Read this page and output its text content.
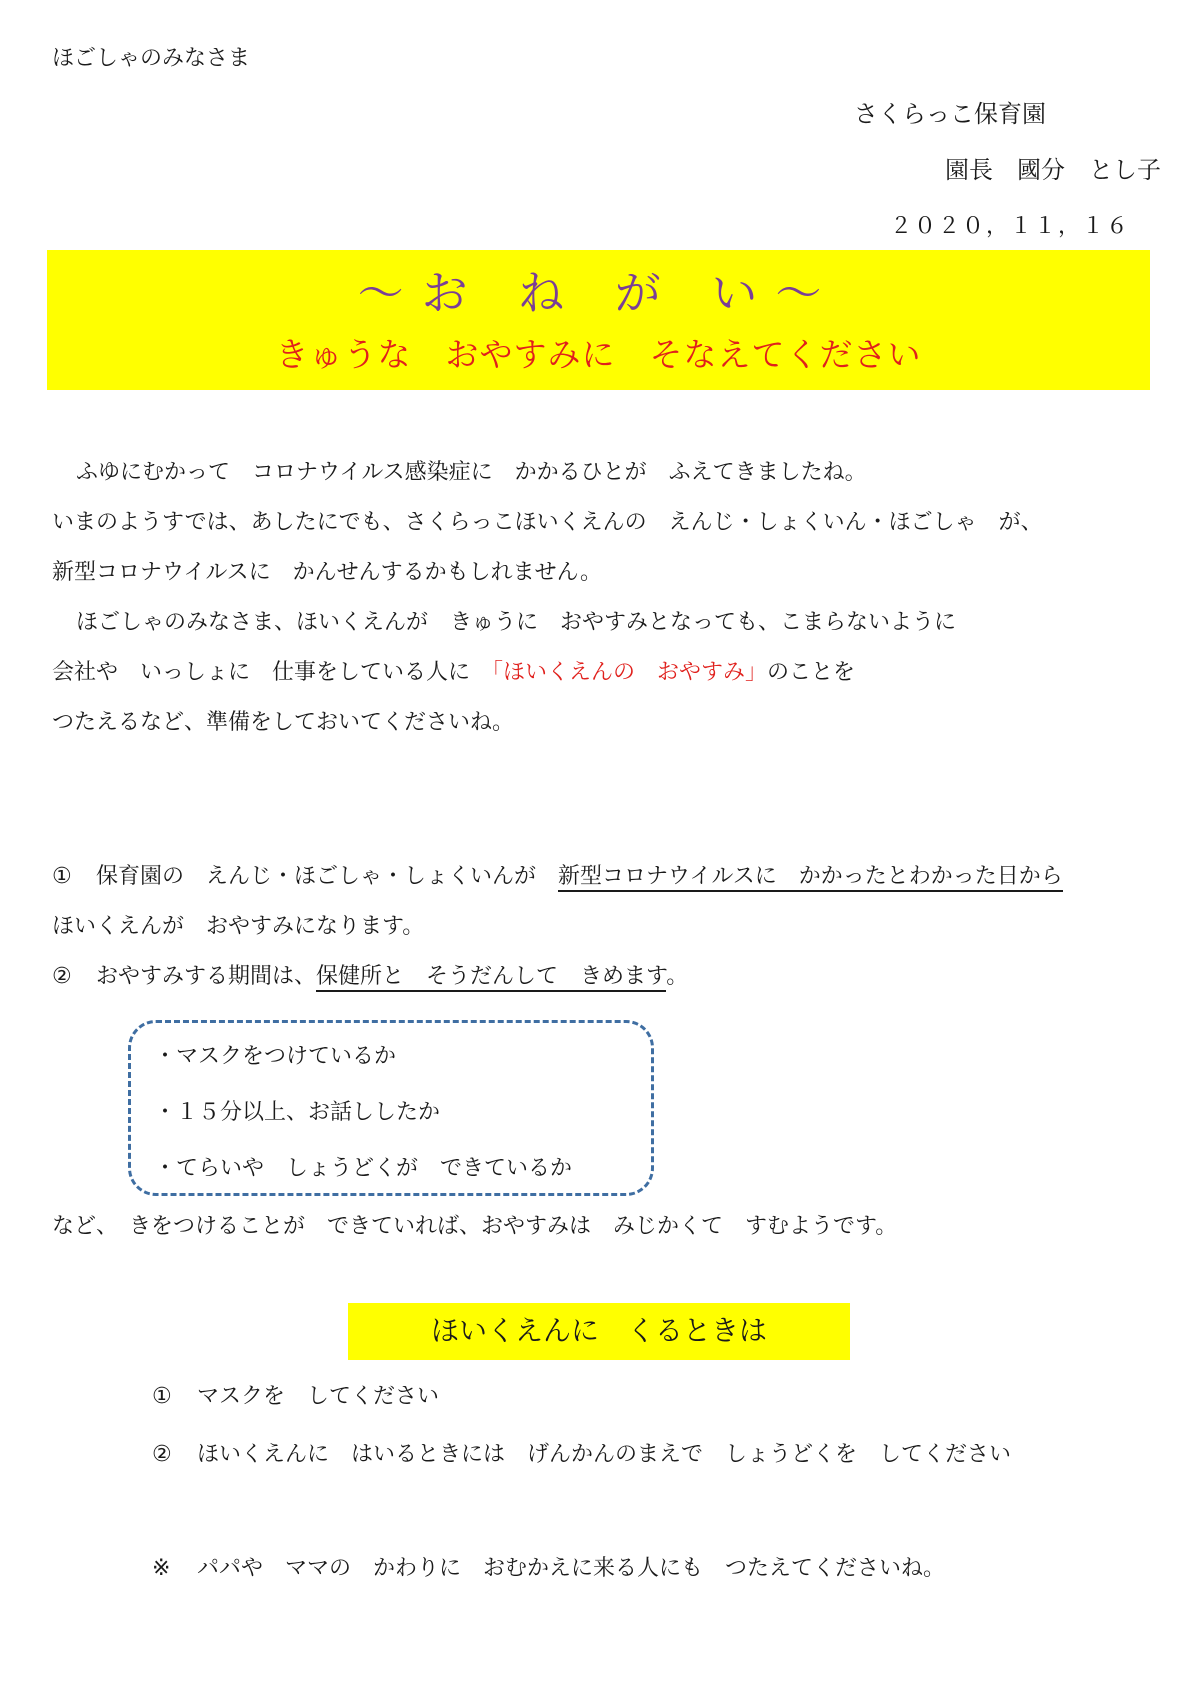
ほごしゃのみなさま
さくらっこ保育園
園長　國分　とし子
２０２０，１１，１６
～お ね が い～
きゅうな　おやすみに　そなえてください
ふゆにむかって　コロナウイルス感染症に　かかるひとが　ふえてきましたね。
いまのようすでは、あしたにでも、さくらっこほいくえんの　えんじ・しょくいん・ほごしゃ　が、
新型コロナウイルスに　かんせんするかもしれません。
ほごしゃのみなさま、ほいくえんが　きゅうに　おやすみとなっても、こまらないように
会社や　いっしょに　仕事をしている人に　「ほいくえんの　おやすみ」のことを
つたえるなど、準備をしておいてくださいね。
① 保育園の　えんじ・ほごしゃ・しょくいんが　新型コロナウイルスに　かかったとわかった日から
ほいくえんが　おやすみになります。
② おやすみする期間は、保健所と　そうだんして　きめます。
・マスクをつけているか
・１５分以上、お話ししたか
・てらいや　しょうどくが　できているか
など、　きをつけることが　できていれば、おやすみは　みじかくて　すむようです。
ほいくえんに　くるときは
① マスクを　してください
② ほいくえんに　はいるときには　げんかんのまえで　しょうどくを　してください
※ パパや　ママの　かわりに　おむかえに来る人にも　つたえてくださいね。
